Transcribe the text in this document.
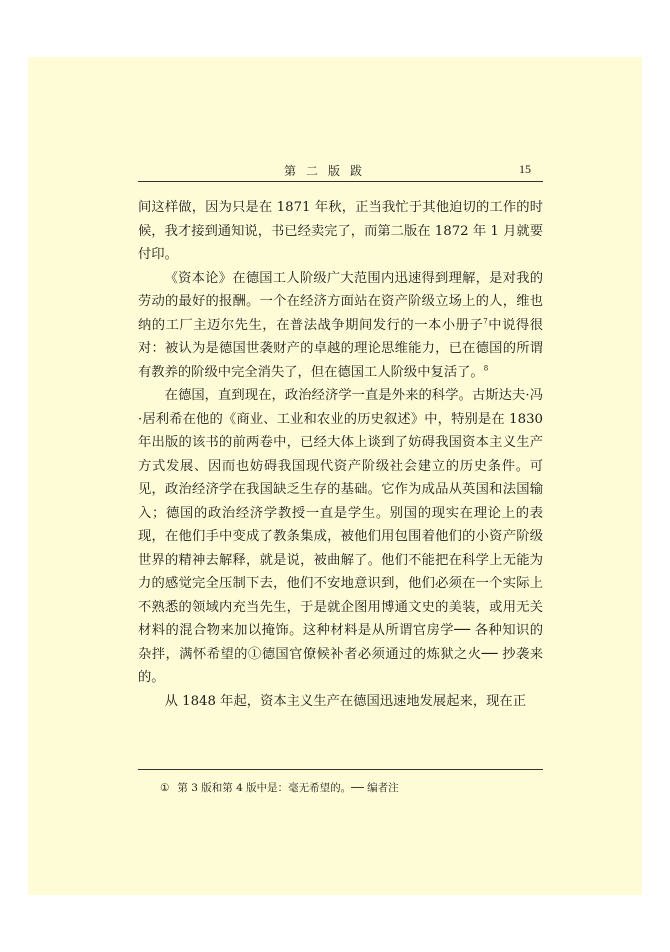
第二版跋	15

间这样做，因为只是在 1871 年秋，正当我忙于其他迫切的工作的时候，我才接到通知说，书已经卖完了，而第二版在 1872 年 1 月就要付印。

《资本论》在德国工人阶级广大范围内迅速得到理解，是对我的劳动的最好的报酬。一个在经济方面站在资产阶级立场上的人，维也纳的工厂主迈尔先生，在普法战争期间发行的一本小册子$^7$中说得很对：被认为是德国世袭财产的卓越的理论思维能力，已在德国的所谓有教养的阶级中完全消失了，但在德国工人阶级中复活了。$^8$

在德国，直到现在，政治经济学一直是外来的科学。古斯达夫·冯·居利希在他的《商业、工业和农业的历史叙述》中，特别是在 1830 年出版的该书的前两卷中，已经大体上谈到了妨碍我国资本主义生产方式发展、因而也妨碍我国现代资产阶级社会建立的历史条件。可见，政治经济学在我国缺乏生存的基础。它作为成品从英国和法国输入；德国的政治经济学教授一直是学生。别国的现实在理论上的表现，在他们手中变成了教条集成，被他们用包围着他们的小资产阶级世界的精神去解释，就是说，被曲解了。他们不能把在科学上无能为力的感觉完全压制下去，他们不安地意识到，他们必须在一个实际上不熟悉的领域内充当先生，于是就企图用博通文史的美装，或用无关材料的混合物来加以掩饰。这种材料是从所谓官房学── 各种知识的杂拌，满怀希望的①德国官僚候补者必须通过的炼狱之火── 抄袭来的。

从 1848 年起，资本主义生产在德国迅速地发展起来，现在正

① 第 3 版和第 4 版中是：毫无希望的。── 编者注
